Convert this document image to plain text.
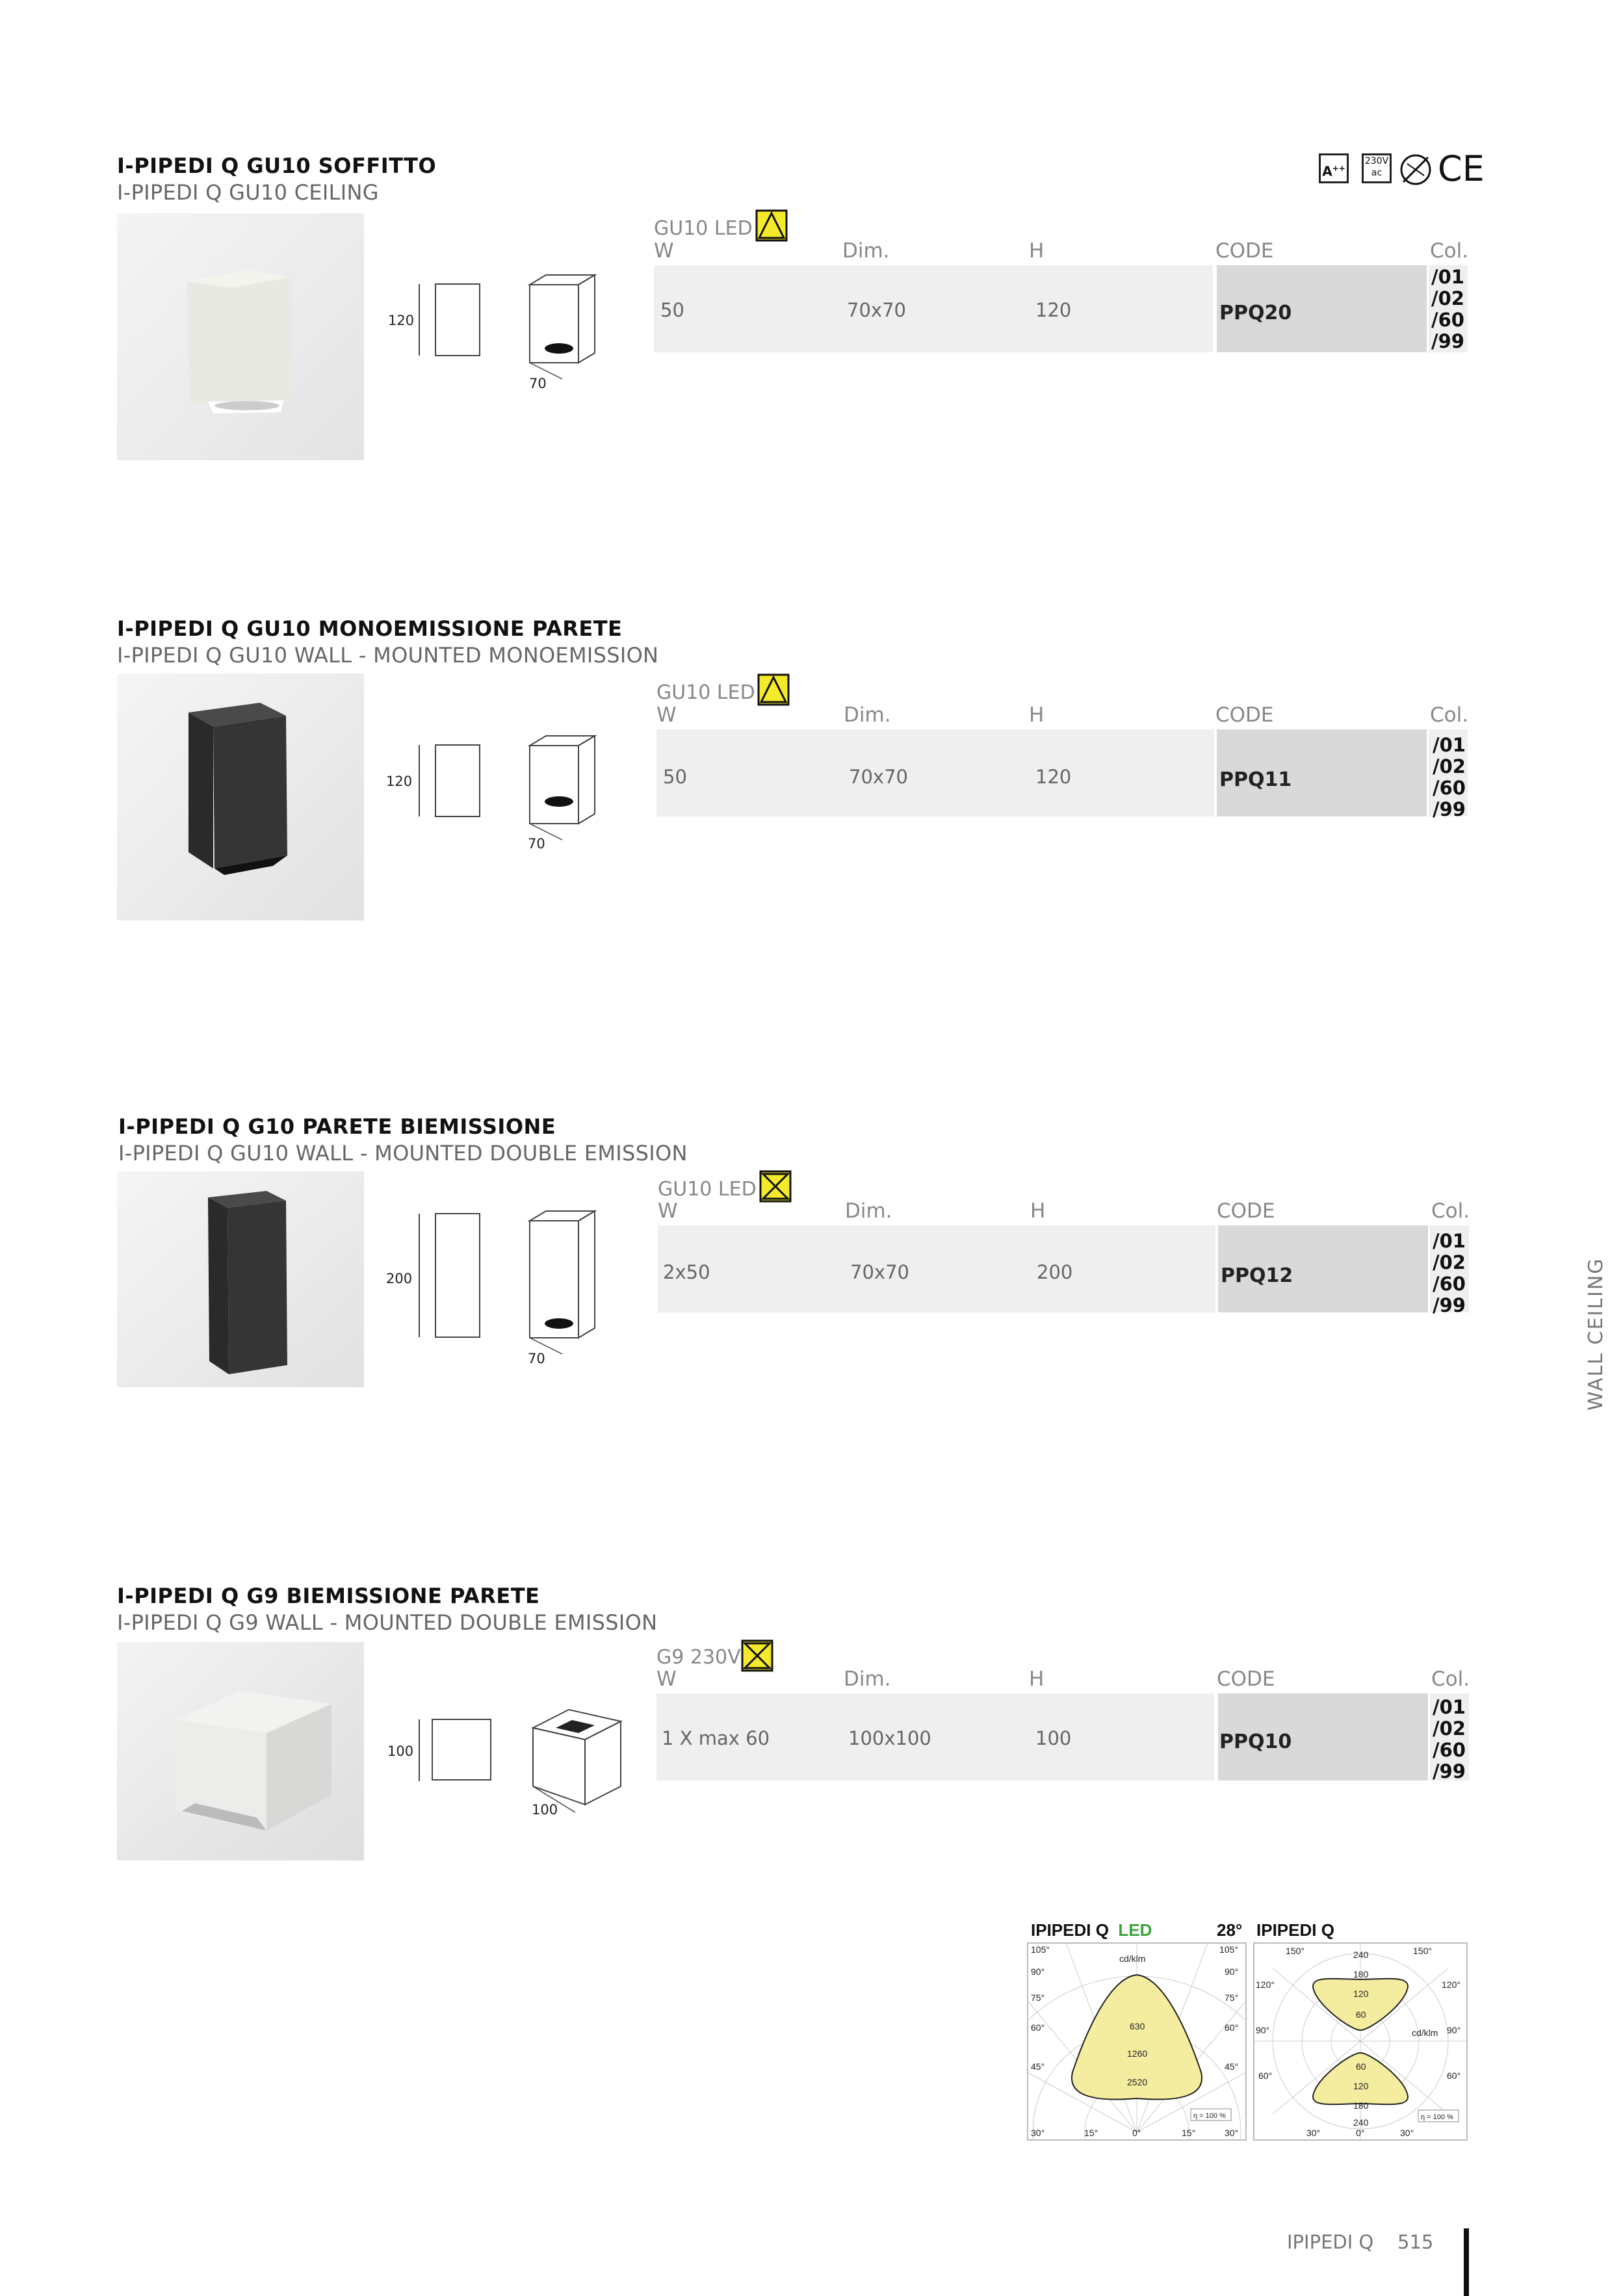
A++
230V
ac CE
I-PIPEDI Q GU10 SOFFITTO
I-PIPEDI Q GU10 CEILING
120
70
GU10 LED
W	Dim.	H	CODE	Col.
50	70x70	120	PPQ20
/01
/02
/60
/99
I-PIPEDI Q GU10 MONOEMISSIONE PARETE
I-PIPEDI Q GU10 WALL - MOUNTED MONOEMISSION
120
70
GU10 LED
W	Dim.	H	CODE	Col.
50	70x70	120	PPQ11
/01
/02
/60
/99
I-PIPEDI Q G10 PARETE BIEMISSIONE
I-PIPEDI Q GU10 WALL - MOUNTED DOUBLE EMISSION
200
70
GU10 LED
W	Dim.	H	CODE	Col.
2x50	70x70	200	PPQ12
/01
/02
/60
/99
I-PIPEDI Q G9 BIEMISSIONE PARETE
I-PIPEDI Q G9 WALL - MOUNTED DOUBLE EMISSION
100
100
G9 230V
W	Dim.	H	CODE	Col.
1 X max 60	100x100	100	PPQ10
/01
/02
/60
/99
WALL CEILING
IPIPEDI Q LED	28° IPIPEDI Q
cd/klm
630
1260
2520
105°
90°
75°
60°
45°
105°
90°
75°
60°
45°
η = 100 %
30°	15°	0°	15°	30°
240
180
120
60
60
120
180
240
150°	150°
120°	120°
90°	90°
60°	60°
cd/klm
η = 100 %
30°	0°	30°
IPIPEDI Q 515
